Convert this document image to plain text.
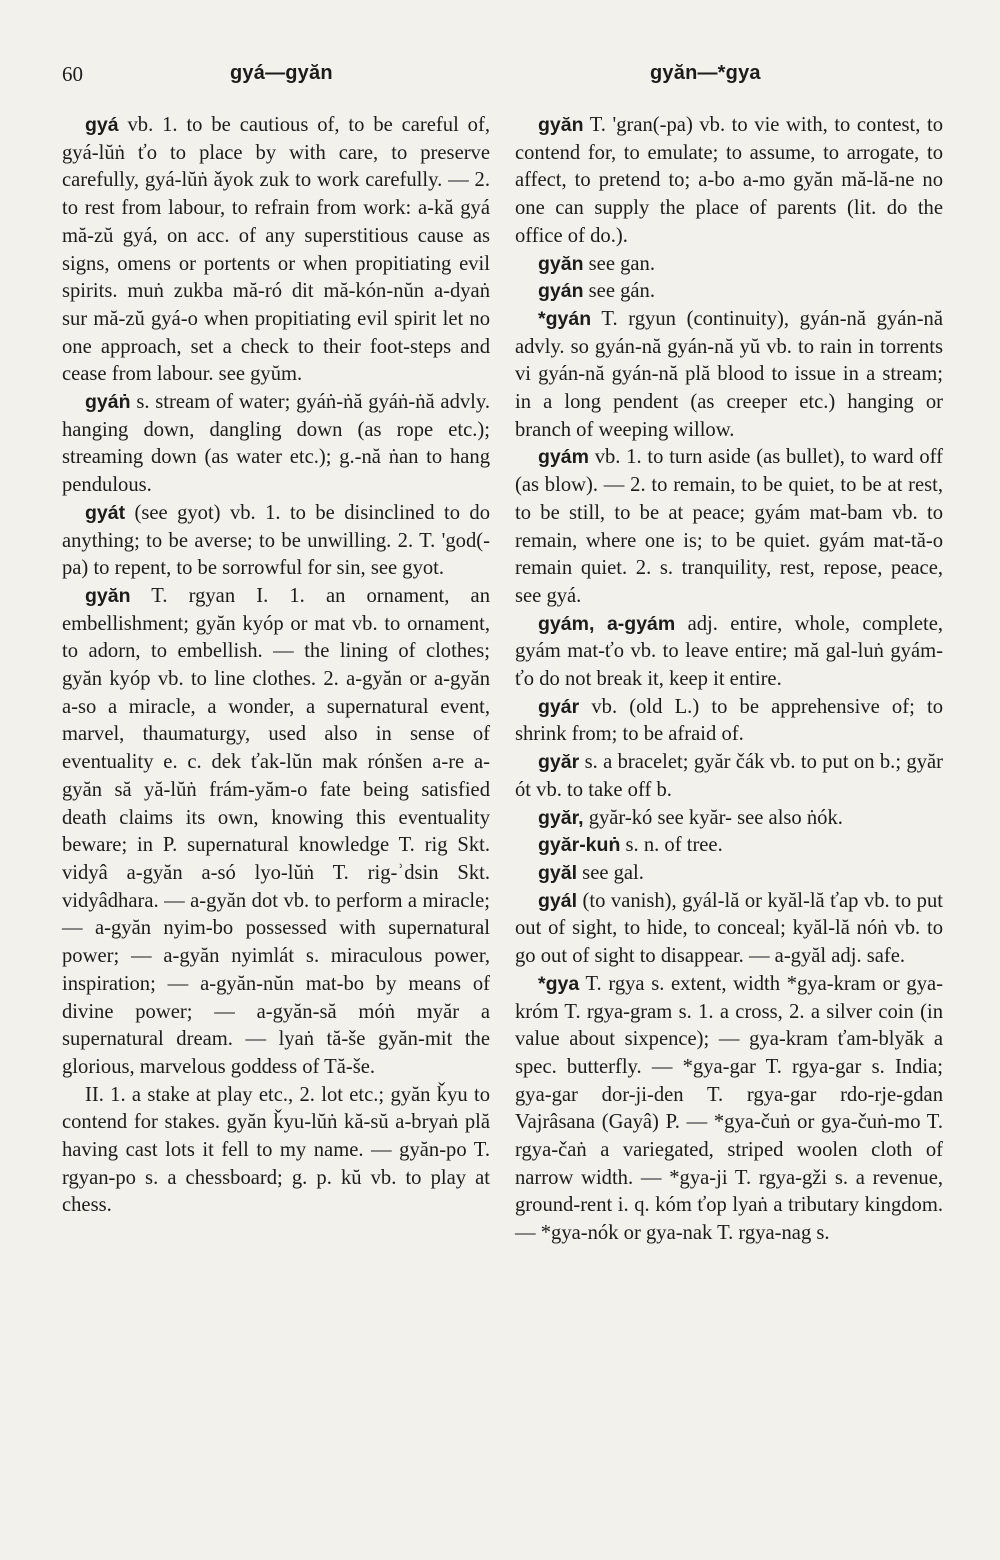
60	gyá—gyăn	gyăn—*gya

gyá vb. 1. to be cautious of, to be careful of, gyá-lŭṅ ťo to place by with care, to preserve carefully, gyá-lŭṅ ǎyok zuk to work carefully. — 2. to rest from labour, to refrain from work: a-kă gyá mă-zŭ gyá, on acc. of any superstitious cause as signs, omens or portents or when propitiating evil spirits. muṅ zukba mă-ró dit mă-kón-nŭn a-dyaṅ sur mă-zŭ gyá-o when propitiating evil spirit let no one approach, set a check to their foot-steps and cease from labour. see gyŭm.

gyáṅ s. stream of water; gyáṅ-ṅă gyáṅ-ṅă advly. hanging down, dangling down (as rope etc.); streaming down (as water etc.); g.-nă ṅan to hang pendulous.

gyát (see gyot) vb. 1. to be disinclined to do anything; to be averse; to be unwilling. 2. T. 'god(-pa) to repent, to be sorrowful for sin, see gyot.

gyăn T. rgyan I. 1. an ornament, an embellishment; gyăn kyóp or mat vb. to ornament, to adorn, to embellish. — the lining of clothes; gyăn kyóp vb. to line clothes. 2. a-gyăn or a-gyăn a-so a miracle, a wonder, a supernatural event, marvel, thaumaturgy, used also in sense of eventuality e. c. dek ťak-lŭn mak rónšen a-re a-gyăn să yă-lŭṅ frám-yăm-o fate being satisfied death claims its own, knowing this eventuality beware; in P. supernatural knowledge T. rig Skt. vidyâ a-gyăn a-só lyo-lŭṅ T. rig-ʾdsin Skt. vidyâdhara. — a-gyăn dot vb. to perform a miracle; — a-gyăn nyim-bo possessed with supernatural power; — a-gyăn nyimlát s. miraculous power, inspiration; — a-gyăn-nŭn mat-bo by means of divine power; — a-gyăn-să móṅ myăr a supernatural dream. — lyaṅ tă-še gyăn-mit the glorious, marvelous goddess of Tă-še.

II. 1. a stake at play etc., 2. lot etc.; gyăn ǩyu to contend for stakes. gyăn ǩyu-lŭṅ kă-sŭ a-bryaṅ plă having cast lots it fell to my name. — gyăn-po T. rgyan-po s. a chessboard; g. p. kŭ vb. to play at chess.

gyăn T. 'gran(-pa) vb. to vie with, to contest, to contend for, to emulate; to assume, to arrogate, to affect, to pretend to; a-bo a-mo gyăn mă-lă-ne no one can supply the place of parents (lit. do the office of do.).

gyăn see gan.

gyán see gán.

*gyán T. rgyun (continuity), gyán-nă gyán-nă advly. so gyán-nă gyán-nă yŭ vb. to rain in torrents vi gyán-nă gyán-nă plă blood to issue in a stream; in a long pendent (as creeper etc.) hanging or branch of weeping willow.

gyám vb. 1. to turn aside (as bullet), to ward off (as blow). — 2. to remain, to be quiet, to be at rest, to be still, to be at peace; gyám mat-bam vb. to remain, where one is; to be quiet. gyám mat-tă-o remain quiet. 2. s. tranquility, rest, repose, peace, see gyá.

gyám, a-gyám adj. entire, whole, complete, gyám mat-ťo vb. to leave entire; mă gal-luṅ gyám-ťo do not break it, keep it entire.

gyár vb. (old L.) to be apprehensive of; to shrink from; to be afraid of.

gyăr s. a bracelet; gyăr čák vb. to put on b.; gyăr ót vb. to take off b.

gyăr, gyăr-kó see kyăr- see also ṅók.

gyăr-kuṅ s. n. of tree.

gyăl see gal.

gyál (to vanish), gyál-lă or kyăl-lă ťap vb. to put out of sight, to hide, to conceal; kyăl-lă nóṅ vb. to go out of sight to disappear. — a-gyăl adj. safe.

*gya T. rgya s. extent, width *gya-kram or gya-króm T. rgya-gram s. 1. a cross, 2. a silver coin (in value about sixpence); — gya-kram ťam-blyăk a spec. butterfly. — *gya-gar T. rgya-gar s. India; gya-gar dor-ji-den T. rgya-gar rdo-rje-gdan Vajrâsana (Gayâ) P. — *gya-čuṅ or gya-čuṅ-mo T. rgya-čaṅ a variegated, striped woolen cloth of narrow width. — *gya-ji T. rgya-gži s. a revenue, ground-rent i. q. kóm ťop lyaṅ a tributary kingdom. — *gya-nók or gya-nak T. rgya-nag s.
